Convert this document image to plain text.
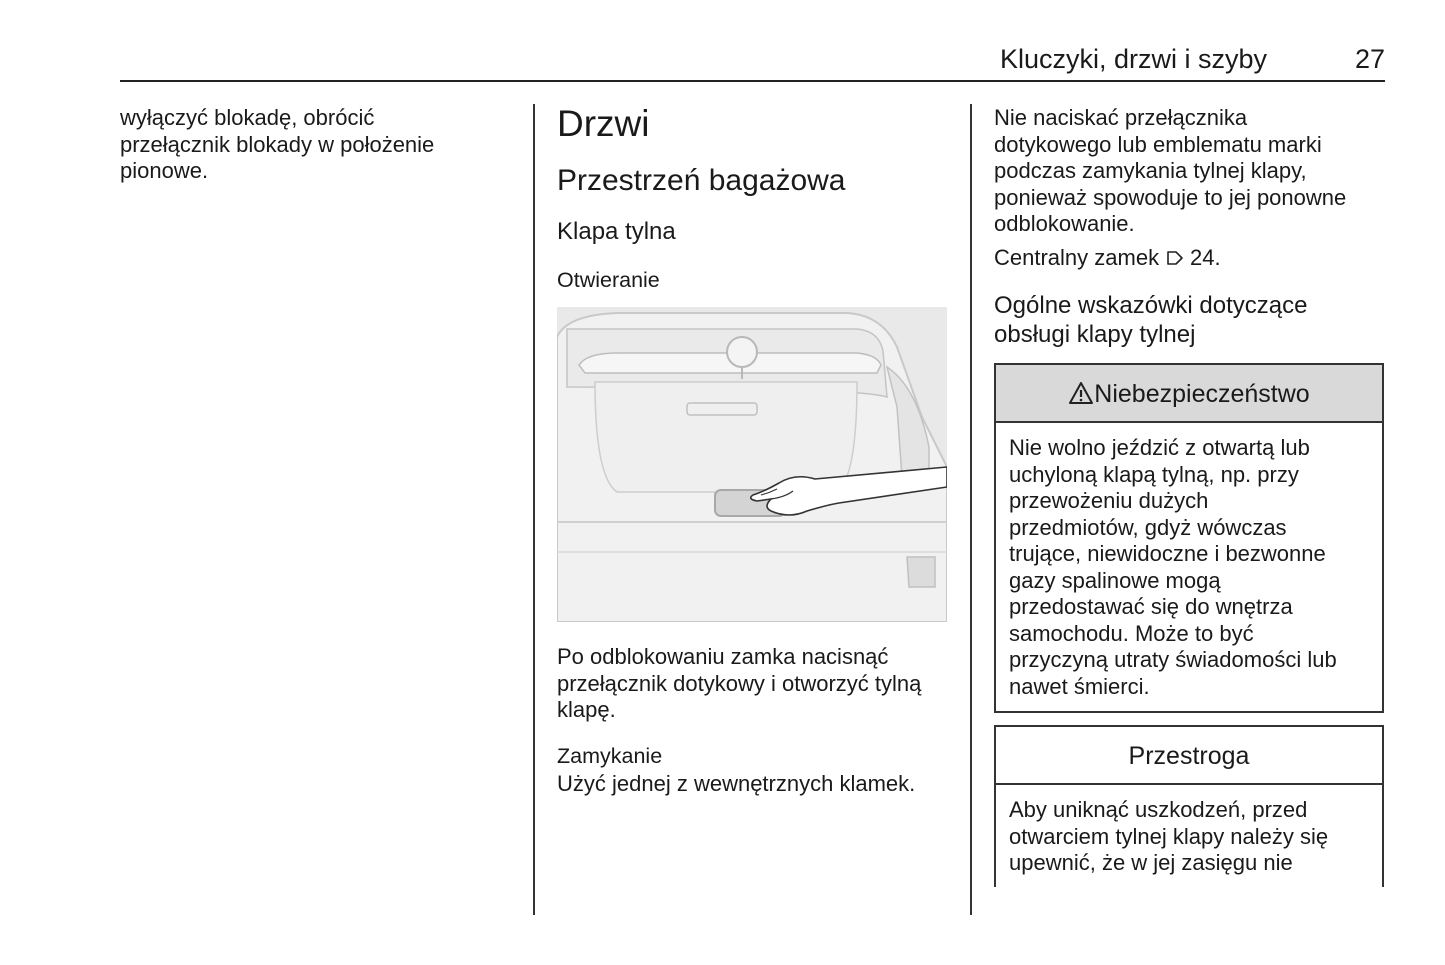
Kluczyki, drzwi i szyby	27

wyłączyć blokadę, obrócić
przełącznik blokady w położenie
pionowe.

Drzwi
Przestrzeń bagażowa
Klapa tylna
Otwieranie

Po odblokowaniu zamka nacisnąć
przełącznik dotykowy i otworzyć tylną
klapę.

Zamykanie

Użyć jednej z wewnętrznych klamek.

Nie naciskać przełącznika
dotykowego lub emblematu marki
podczas zamykania tylnej klapy,
ponieważ spowoduje to jej ponowne
odblokowanie.

Centralny zamek 24.
Ogólne wskazówki dotyczące
obsługi klapy tylnej
Niebezpieczeństwo
Nie wolno jeździć z otwartą lub
uchyloną klapą tylną, np. przy
przewożeniu dużych
przedmiotów, gdyż wówczas
trujące, niewidoczne i bezwonne
gazy spalinowe mogą
przedostawać się do wnętrza
samochodu. Może to być
przyczyną utraty świadomości lub
nawet śmierci.
Przestroga
Aby uniknąć uszkodzeń, przed
otwarciem tylnej klapy należy się
upewnić, że w jej zasięgu nie
